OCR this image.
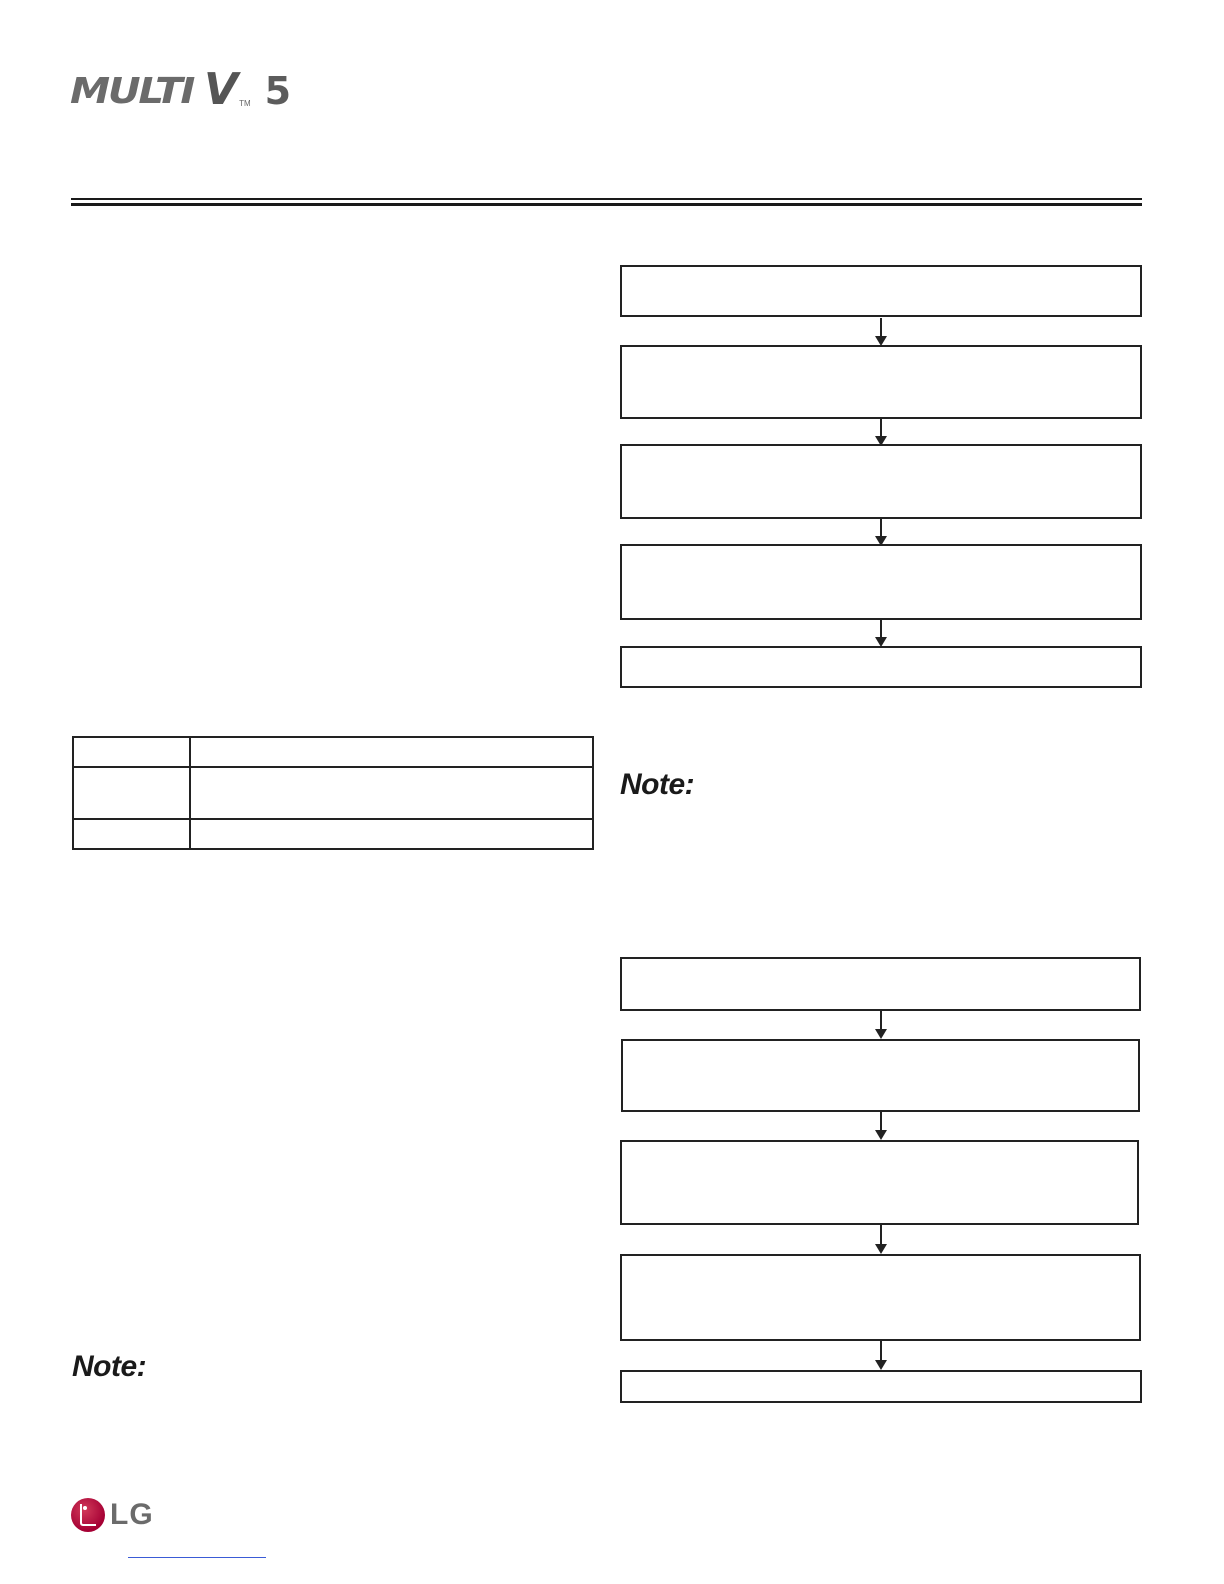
MULTI V TM 5
Note:

Note:
LG
